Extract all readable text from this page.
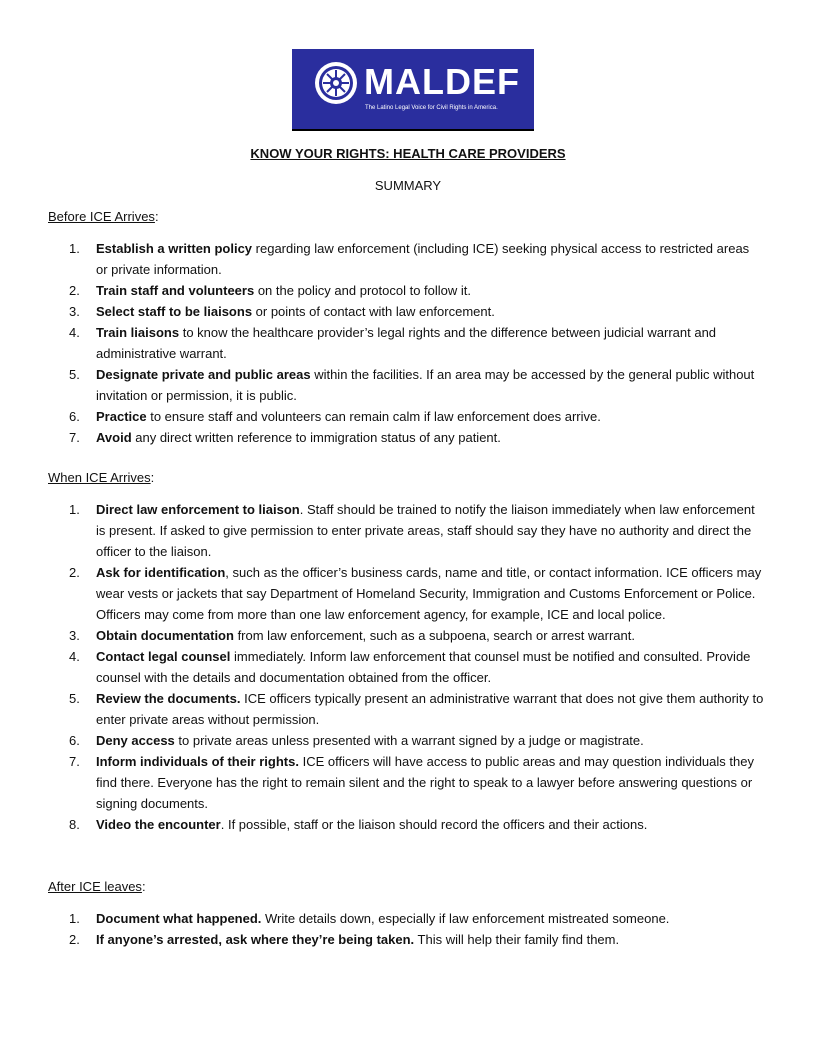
MALDEF
The Latino Legal Voice for Civil Rights in America.
KNOW YOUR RIGHTS: HEALTH CARE PROVIDERS
SUMMARY
Before ICE Arrives:
1. Establish a written policy regarding law enforcement (including ICE) seeking physical access to restricted areas or private information.
2. Train staff and volunteers on the policy and protocol to follow it.
3. Select staff to be liaisons or points of contact with law enforcement.
4. Train liaisons to know the healthcare provider’s legal rights and the difference between judicial warrant and administrative warrant.
5. Designate private and public areas within the facilities. If an area may be accessed by the general public without invitation or permission, it is public.
6. Practice to ensure staff and volunteers can remain calm if law enforcement does arrive.
7. Avoid any direct written reference to immigration status of any patient.
When ICE Arrives:
1. Direct law enforcement to liaison. Staff should be trained to notify the liaison immediately when law enforcement is present. If asked to give permission to enter private areas, staff should say they have no authority and direct the officer to the liaison.
2. Ask for identification, such as the officer’s business cards, name and title, or contact information. ICE officers may wear vests or jackets that say Department of Homeland Security, Immigration and Customs Enforcement or Police. Officers may come from more than one law enforcement agency, for example, ICE and local police.
3. Obtain documentation from law enforcement, such as a subpoena, search or arrest warrant.
4. Contact legal counsel immediately. Inform law enforcement that counsel must be notified and consulted. Provide counsel with the details and documentation obtained from the officer.
5. Review the documents. ICE officers typically present an administrative warrant that does not give them authority to enter private areas without permission.
6. Deny access to private areas unless presented with a warrant signed by a judge or magistrate.
7. Inform individuals of their rights. ICE officers will have access to public areas and may question individuals they find there. Everyone has the right to remain silent and the right to speak to a lawyer before answering questions or signing documents.
8. Video the encounter. If possible, staff or the liaison should record the officers and their actions.
After ICE leaves:
1. Document what happened. Write details down, especially if law enforcement mistreated someone.
2. If anyone’s arrested, ask where they’re being taken. This will help their family find them.
